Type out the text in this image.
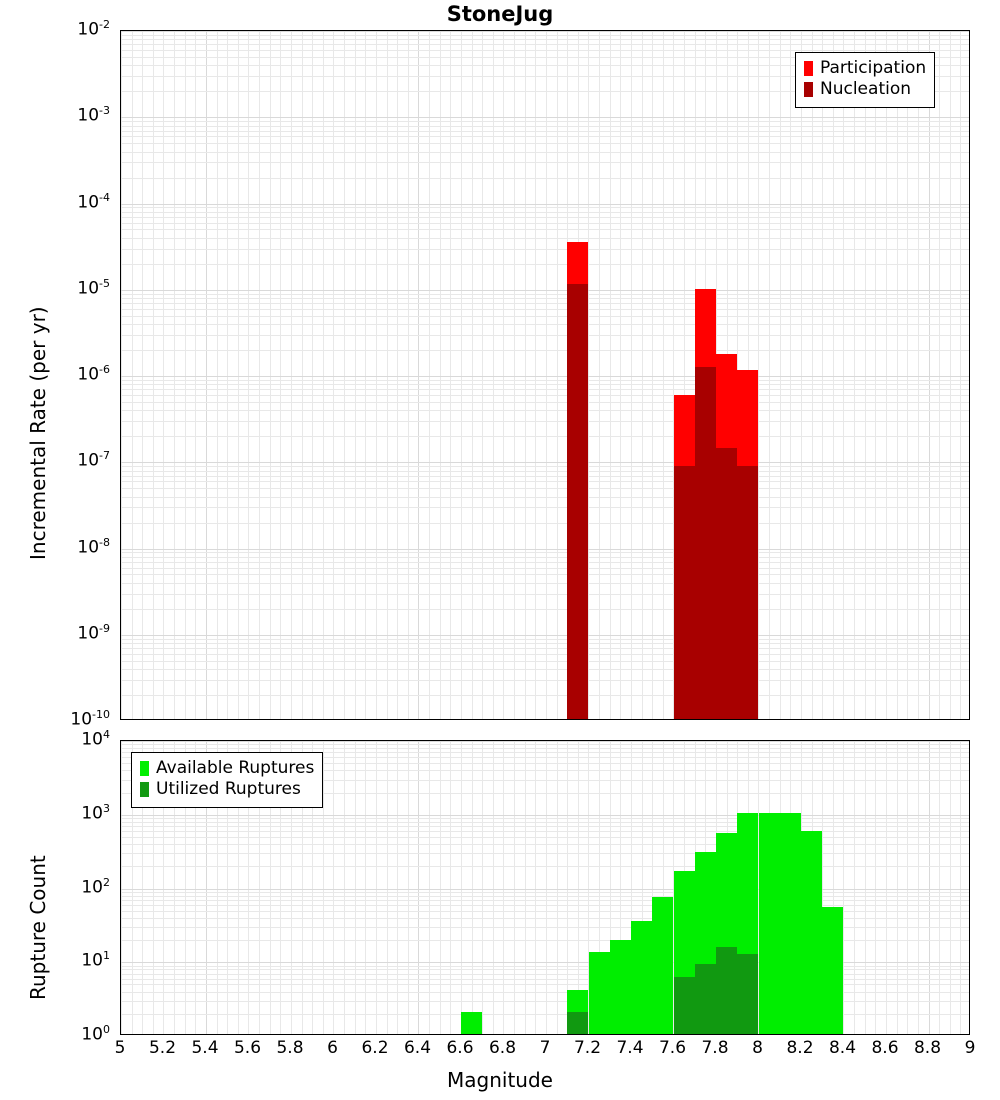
StoneJug
$10^{-2}$
$10^{-3}$
$10^{-4}$
$10^{-5}$
$10^{-6}$
$10^{-7}$
$10^{-8}$
$10^{-9}$
$10^{-10}$
Incremental Rate (per yr)
Participation
Nucleation
$10^4$
$10^3$
$10^2$
$10^1$
$10^0$
Rupture Count
Available Ruptures
Utilized Ruptures
5	5.2 5.4 5.6 5.8	6	6.2 6.4 6.6 6.8	7	7.2 7.4 7.6 7.8	8	8.2 8.4 8.6 8.8	9
Magnitude
